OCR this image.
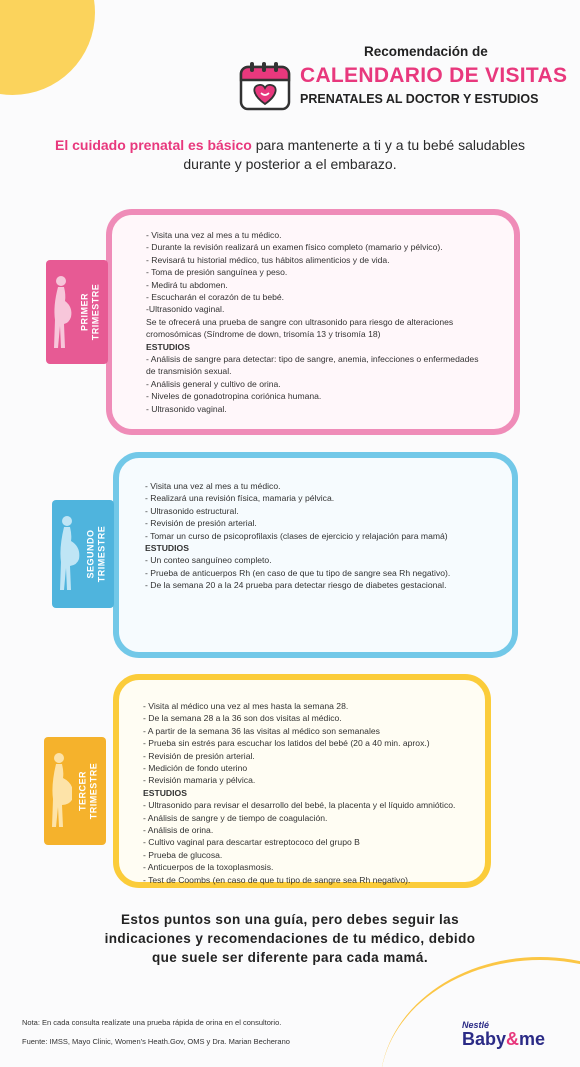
Recomendación de
CALENDARIO DE VISITAS
PRENATALES AL DOCTOR Y ESTUDIOS
El cuidado prenatal es básico para mantenerte a ti y a tu bebé saludables
durante y posterior a el embarazo.
- Visita una vez al mes a tu médico.
- Durante la revisión realizará un examen físico completo (mamario y pélvico).
- Revisará tu historial médico, tus hábitos alimenticios y de vida.
- Toma de presión sanguínea y peso.
- Medirá tu abdomen.
- Escucharán el corazón de tu bebé.
-Ultrasonido vaginal.
Se te ofrecerá una prueba de sangre con ultrasonido para riesgo de alteraciones cromosómicas (Síndrome de down, trisomía 13 y trisomía 18)
ESTUDIOS
- Análisis de sangre para detectar: tipo de sangre, anemia, infecciones o enfermedades de transmisión sexual.
- Análisis general y cultivo de orina.
- Niveles de gonadotropina coriónica humana.
- Ultrasonido vaginal.
PRIMER
TRIMESTRE
- Visita una vez al mes a tu médico.
- Realizará una revisión física, mamaria y pélvica.
- Ultrasonido estructural.
- Revisión de presión arterial.
- Tomar un curso de psicoprofilaxis (clases de ejercicio y relajación para mamá)
ESTUDIOS
- Un conteo sanguíneo completo.
- Prueba de anticuerpos Rh (en caso de que tu tipo de sangre sea Rh negativo).
- De la semana 20 a la 24 prueba para detectar riesgo de diabetes gestacional.
SEGUNDO
TRIMESTRE
- Visita al médico una vez al mes hasta la semana 28.
- De la semana 28 a la 36 son dos visitas al médico.
- A partir de la semana 36 las visitas al médico son semanales
- Prueba sin estrés para escuchar los latidos del bebé (20 a 40 min. aprox.)
- Revisión de presión arterial.
- Medición de fondo uterino
- Revisión mamaria y pélvica.
ESTUDIOS
- Ultrasonido para revisar el desarrollo del bebé, la placenta y el líquido amniótico.
- Análisis de sangre y de tiempo de coagulación.
- Análisis de orina.
- Cultivo vaginal para descartar estreptococo del grupo B
- Prueba de glucosa.
- Anticuerpos de la toxoplasmosis.
- Test de Coombs (en caso de que tu tipo de sangre sea Rh negativo).
TERCER
TRIMESTRE
Estos puntos son una guía, pero debes seguir las
indicaciones y recomendaciones de tu médico, debido
que suele ser diferente para cada mamá.
Nota: En cada consulta realízate una prueba rápida de orina en el consultorio.
Fuente: IMSS, Mayo Clinic, Women's Heath.Gov, OMS y Dra. Marian Becherano
Nestlé
Baby&me
